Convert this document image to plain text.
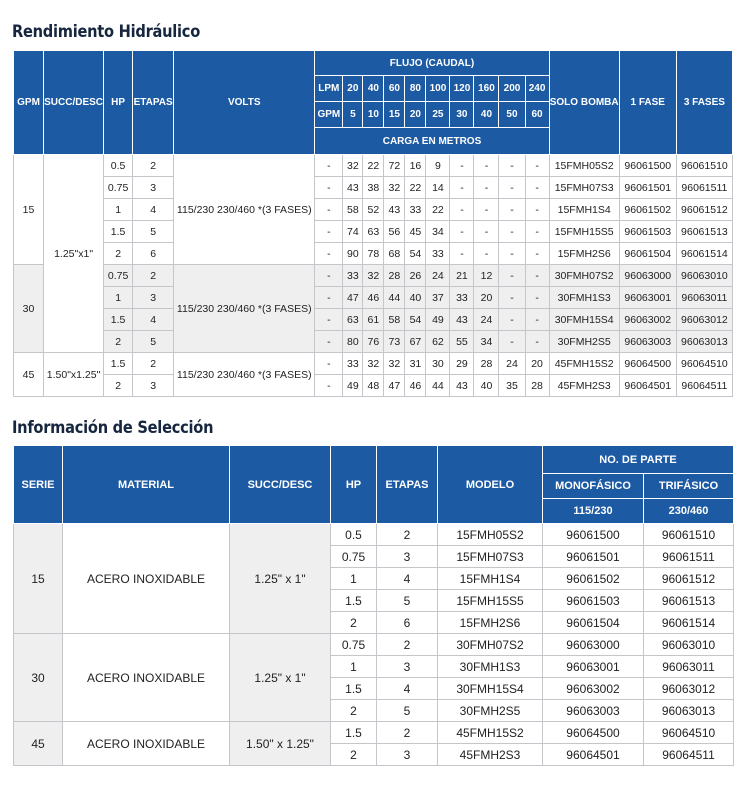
Rendimiento Hidráulico
GPM	SUCC/DESC	HP	ETAPAS	VOLTS	FLUJO (CAUDAL)										SOLO BOMBA	1 FASE	3 FASES
					LPM	20	40	60	80	100	120	160	200	240			
					GPM	5	10	15	20	25	30	40	50	60			
					CARGA EN METROS												
15	1.25"x1"	0.5	2	115/230 230/460 *(3 FASES)	-	32	22	72	16	9	-	-	-	-	15FMH05S2	96061500	96061510
		0.75	3		-	43	38	32	22	14	-	-	-	-	15FMH07S3	96061501	96061511
		1	4		-	58	52	43	33	22	-	-	-	-	15FMH1S4	96061502	96061512
		1.5	5		-	74	63	56	45	34	-	-	-	-	15FMH15S5	96061503	96061513
		2	6		-	90	78	68	54	33	-	-	-	-	15FMH2S6	96061504	96061514
30		0.75	2	115/230 230/460 *(3 FASES)	-	33	32	28	26	24	21	12	-	-	30FMH07S2	96063000	96063010
		1	3		-	47	46	44	40	37	33	20	-	-	30FMH1S3	96063001	96063011
		1.5	4		-	63	61	58	54	49	43	24	-	-	30FMH15S4	96063002	96063012
		2	5		-	80	76	73	67	62	55	34	-	-	30FMH2S5	96063003	96063013
45	1.50"x1.25"	1.5	2	115/230 230/460 *(3 FASES)	-	33	32	32	31	30	29	28	24	20	45FMH15S2	96064500	96064510
		2	3		-	49	48	47	46	44	43	40	35	28	45FMH2S3	96064501	96064511
Información de Selección
SERIE	MATERIAL	SUCC/DESC	HP	ETAPAS	MODELO	NO. DE PARTE	
						MONOFÁSICO	TRIFÁSICO
						115/230	230/460
15	ACERO INOXIDABLE	1.25" x 1"	0.5	2	15FMH05S2	96061500	96061510
			0.75	3	15FMH07S3	96061501	96061511
			1	4	15FMH1S4	96061502	96061512
			1.5	5	15FMH15S5	96061503	96061513
			2	6	15FMH2S6	96061504	96061514
30	ACERO INOXIDABLE	1.25" x 1"	0.75	2	30FMH07S2	96063000	96063010
			1	3	30FMH1S3	96063001	96063011
			1.5	4	30FMH15S4	96063002	96063012
			2	5	30FMH2S5	96063003	96063013
45	ACERO INOXIDABLE	1.50" x 1.25"	1.5	2	45FMH15S2	96064500	96064510
			2	3	45FMH2S3	96064501	96064511
